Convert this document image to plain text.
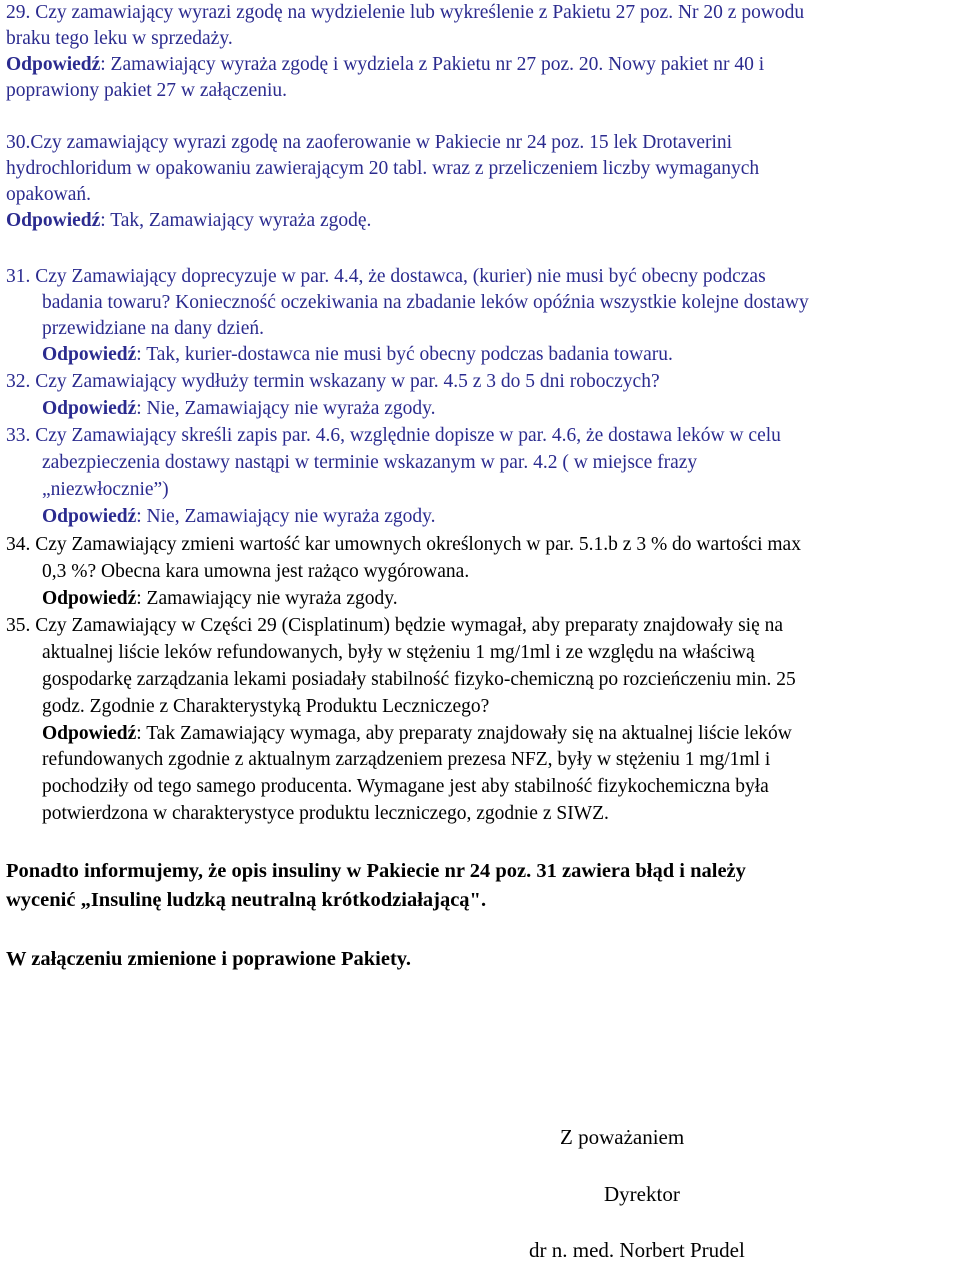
29. Czy zamawiający wyrazi zgodę na wydzielenie lub wykreślenie z Pakietu 27 poz. Nr 20 z powodu
braku tego leku w sprzedaży.
Odpowiedź: Zamawiający wyraża zgodę i wydziela z Pakietu nr 27 poz. 20. Nowy pakiet nr 40 i
poprawiony pakiet 27 w załączeniu.
30.Czy zamawiający wyrazi zgodę na zaoferowanie w Pakiecie nr 24 poz. 15 lek Drotaverini
hydrochloridum w opakowaniu zawierającym 20 tabl. wraz z przeliczeniem liczby wymaganych
opakowań.
Odpowiedź: Tak, Zamawiający wyraża zgodę.
31. Czy Zamawiający doprecyzuje w par. 4.4, że dostawca, (kurier) nie musi być obecny podczas
badania towaru? Konieczność oczekiwania na zbadanie leków opóźnia wszystkie kolejne dostawy
przewidziane na dany dzień.
Odpowiedź: Tak, kurier-dostawca nie musi być obecny podczas badania towaru.
32. Czy Zamawiający wydłuży termin wskazany w par. 4.5 z 3 do 5 dni roboczych?
Odpowiedź: Nie, Zamawiający nie wyraża zgody.
33. Czy Zamawiający skreśli zapis par. 4.6, względnie dopisze w par. 4.6, że dostawa leków w celu
zabezpieczenia dostawy nastąpi w terminie wskazanym w par. 4.2 ( w miejsce frazy
„niezwłocznie”)
Odpowiedź: Nie, Zamawiający nie wyraża zgody.
34. Czy Zamawiający zmieni wartość kar umownych określonych w par. 5.1.b z 3 % do wartości max
0,3 %? Obecna kara umowna jest rażąco wygórowana.
Odpowiedź: Zamawiający nie wyraża zgody.
35. Czy Zamawiający w Części 29 (Cisplatinum) będzie wymagał, aby preparaty znajdowały się na
aktualnej liście leków refundowanych, były w stężeniu 1 mg/1ml i ze względu na właściwą
gospodarkę zarządzania lekami posiadały stabilność fizyko-chemiczną po rozcieńczeniu min. 25
godz. Zgodnie z Charakterystyką Produktu Leczniczego?
Odpowiedź: Tak Zamawiający wymaga, aby preparaty znajdowały się na aktualnej liście leków
refundowanych zgodnie z aktualnym zarządzeniem prezesa NFZ, były w stężeniu 1 mg/1ml i
pochodziły od tego samego producenta. Wymagane jest aby stabilność fizykochemiczna była
potwierdzona w charakterystyce produktu leczniczego, zgodnie z SIWZ.
Ponadto informujemy, że opis insuliny w Pakiecie nr 24 poz. 31 zawiera błąd i należy
wycenić „Insulinę ludzką neutralną krótkodziałającą".
W załączeniu zmienione i poprawione Pakiety.
Z poważaniem
Dyrektor
dr n. med. Norbert Prudel
